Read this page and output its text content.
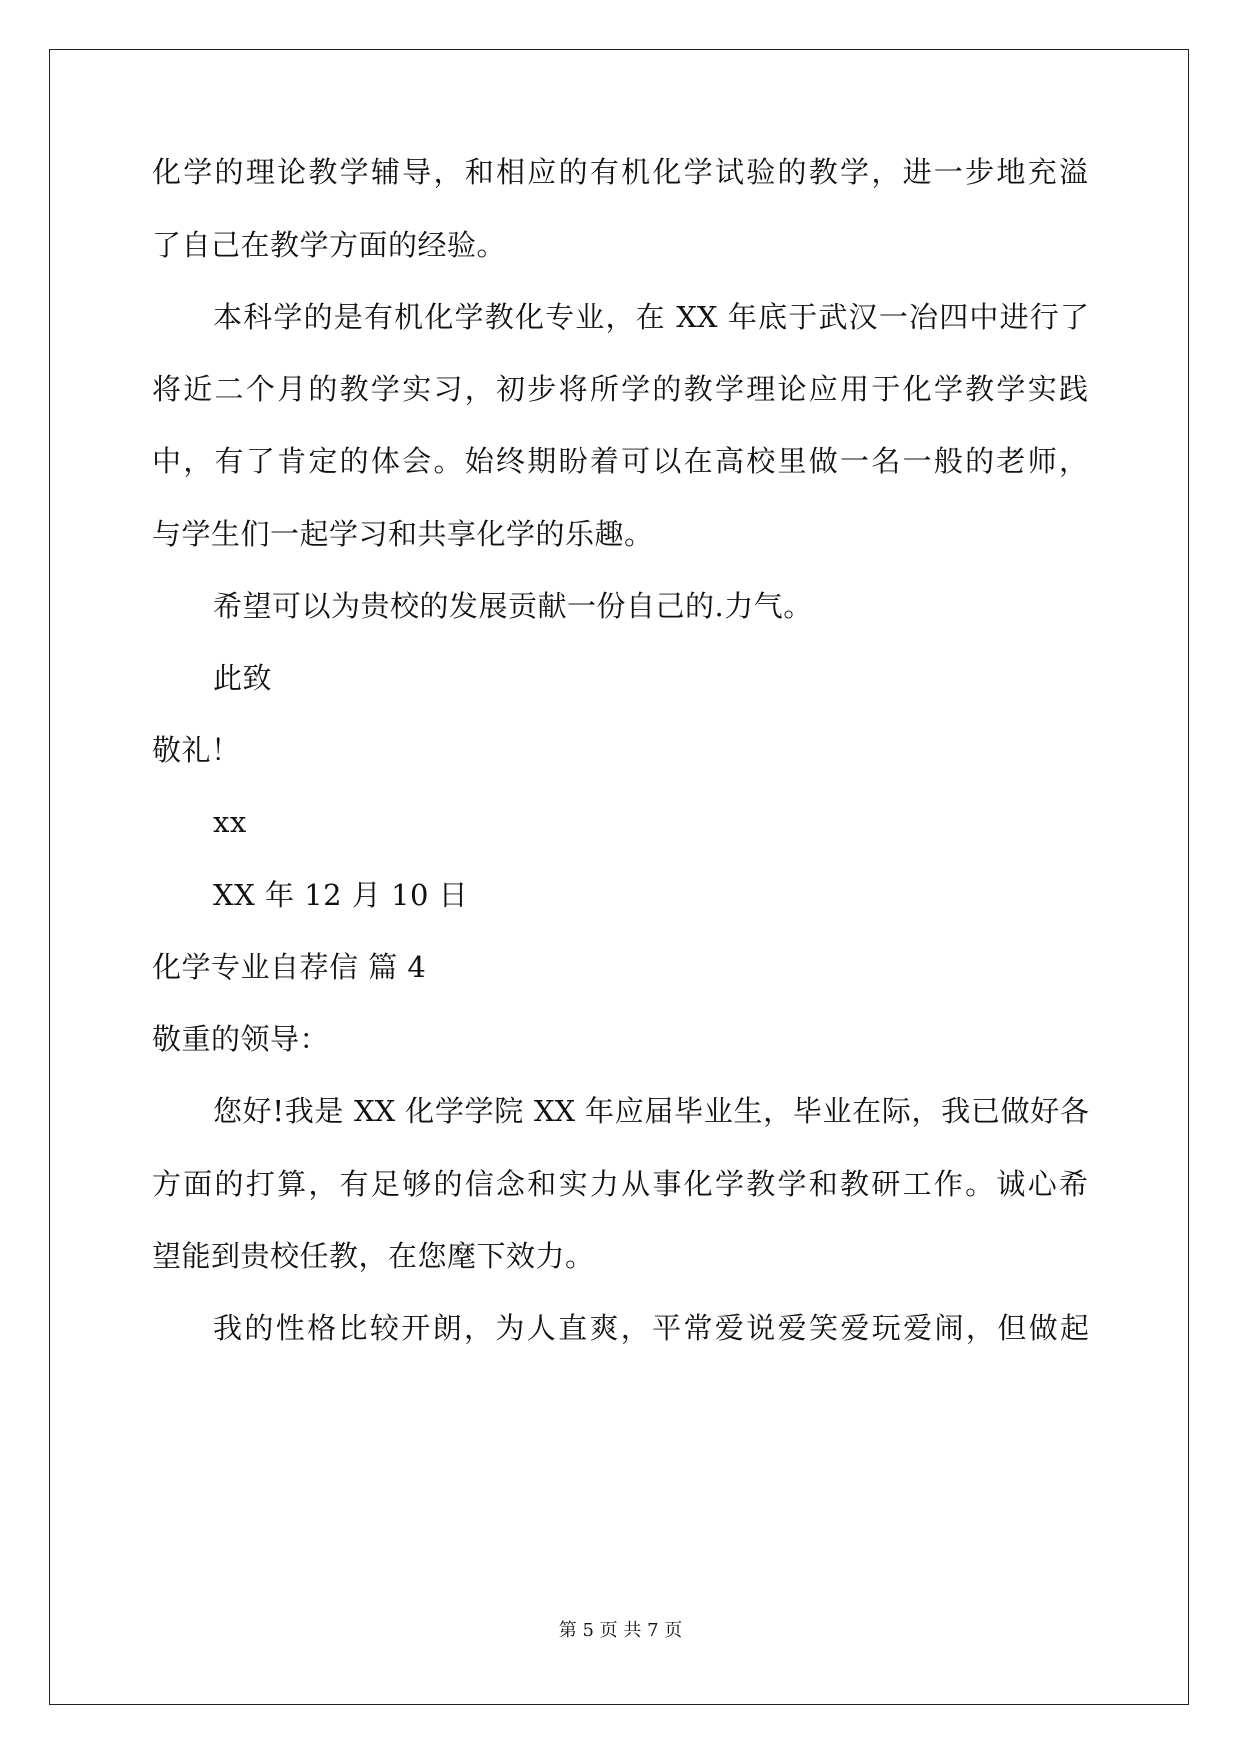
化学的理论教学辅导，和相应的有机化学试验的教学，进一步地充溢
了自己在教学方面的经验。
本科学的是有机化学教化专业，在 XX 年底于武汉一冶四中进行了
将近二个月的教学实习，初步将所学的教学理论应用于化学教学实践
中，有了肯定的体会。始终期盼着可以在高校里做一名一般的老师，
与学生们一起学习和共享化学的乐趣。
希望可以为贵校的发展贡献一份自己的.力气。
此致
敬礼！
xx
XX 年 12 月 10 日
化学专业自荐信 篇 4
敬重的领导：
您好!我是 XX 化学学院 XX 年应届毕业生，毕业在际，我已做好各
方面的打算，有足够的信念和实力从事化学教学和教研工作。诚心希
望能到贵校任教，在您麾下效力。
我的性格比较开朗，为人直爽，平常爱说爱笑爱玩爱闹，但做起
第 5 页 共 7 页
